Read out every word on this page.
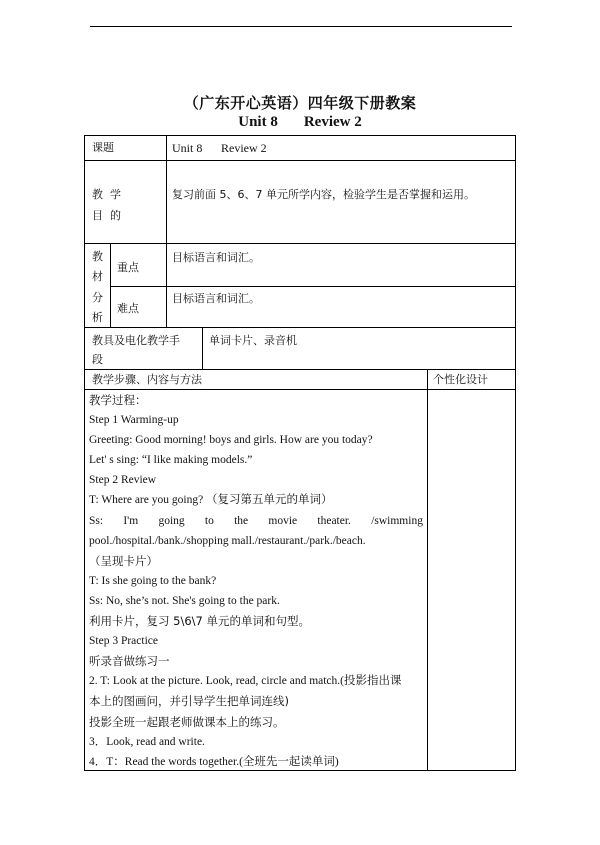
（广东开心英语）四年级下册教案
Unit 8 Review 2
课题	Unit 8 Review 2
教  学
目  的
复习前面 5、6、7 单元所学内容，检验学生是否掌握和运用。
教
材
分
析
重点
目标语言和词汇。
难点
目标语言和词汇。
教具及电化教学手
段
单词卡片、录音机
教学步骤、内容与方法	个性化设计
教学过程：
Step 1 Warming-up
Greeting: Good morning! boys and girls. How are you today?
Let' s sing: “I like making models.”
Step 2 Review
T: Where are you going? （复习第五单元的单词）
Ss: I'm going to the movie theater. /swimming
pool./hospital./bank./shopping mall./restaurant./park./beach.
（呈现卡片）
T: Is she going to the bank?
Ss: No, she’s not. She's going to the park.
利用卡片，复习 5\6\7 单元的单词和句型。
Step 3 Practice
听录音做练习一
2. T: Look at the picture. Look, read, circle and match.(投影指出课
本上的图画问，并引导学生把单词连线)
投影全班一起跟老师做课本上的练习。
3．Look, read and write.
4．T：Read the words together.(全班先一起读单词)
